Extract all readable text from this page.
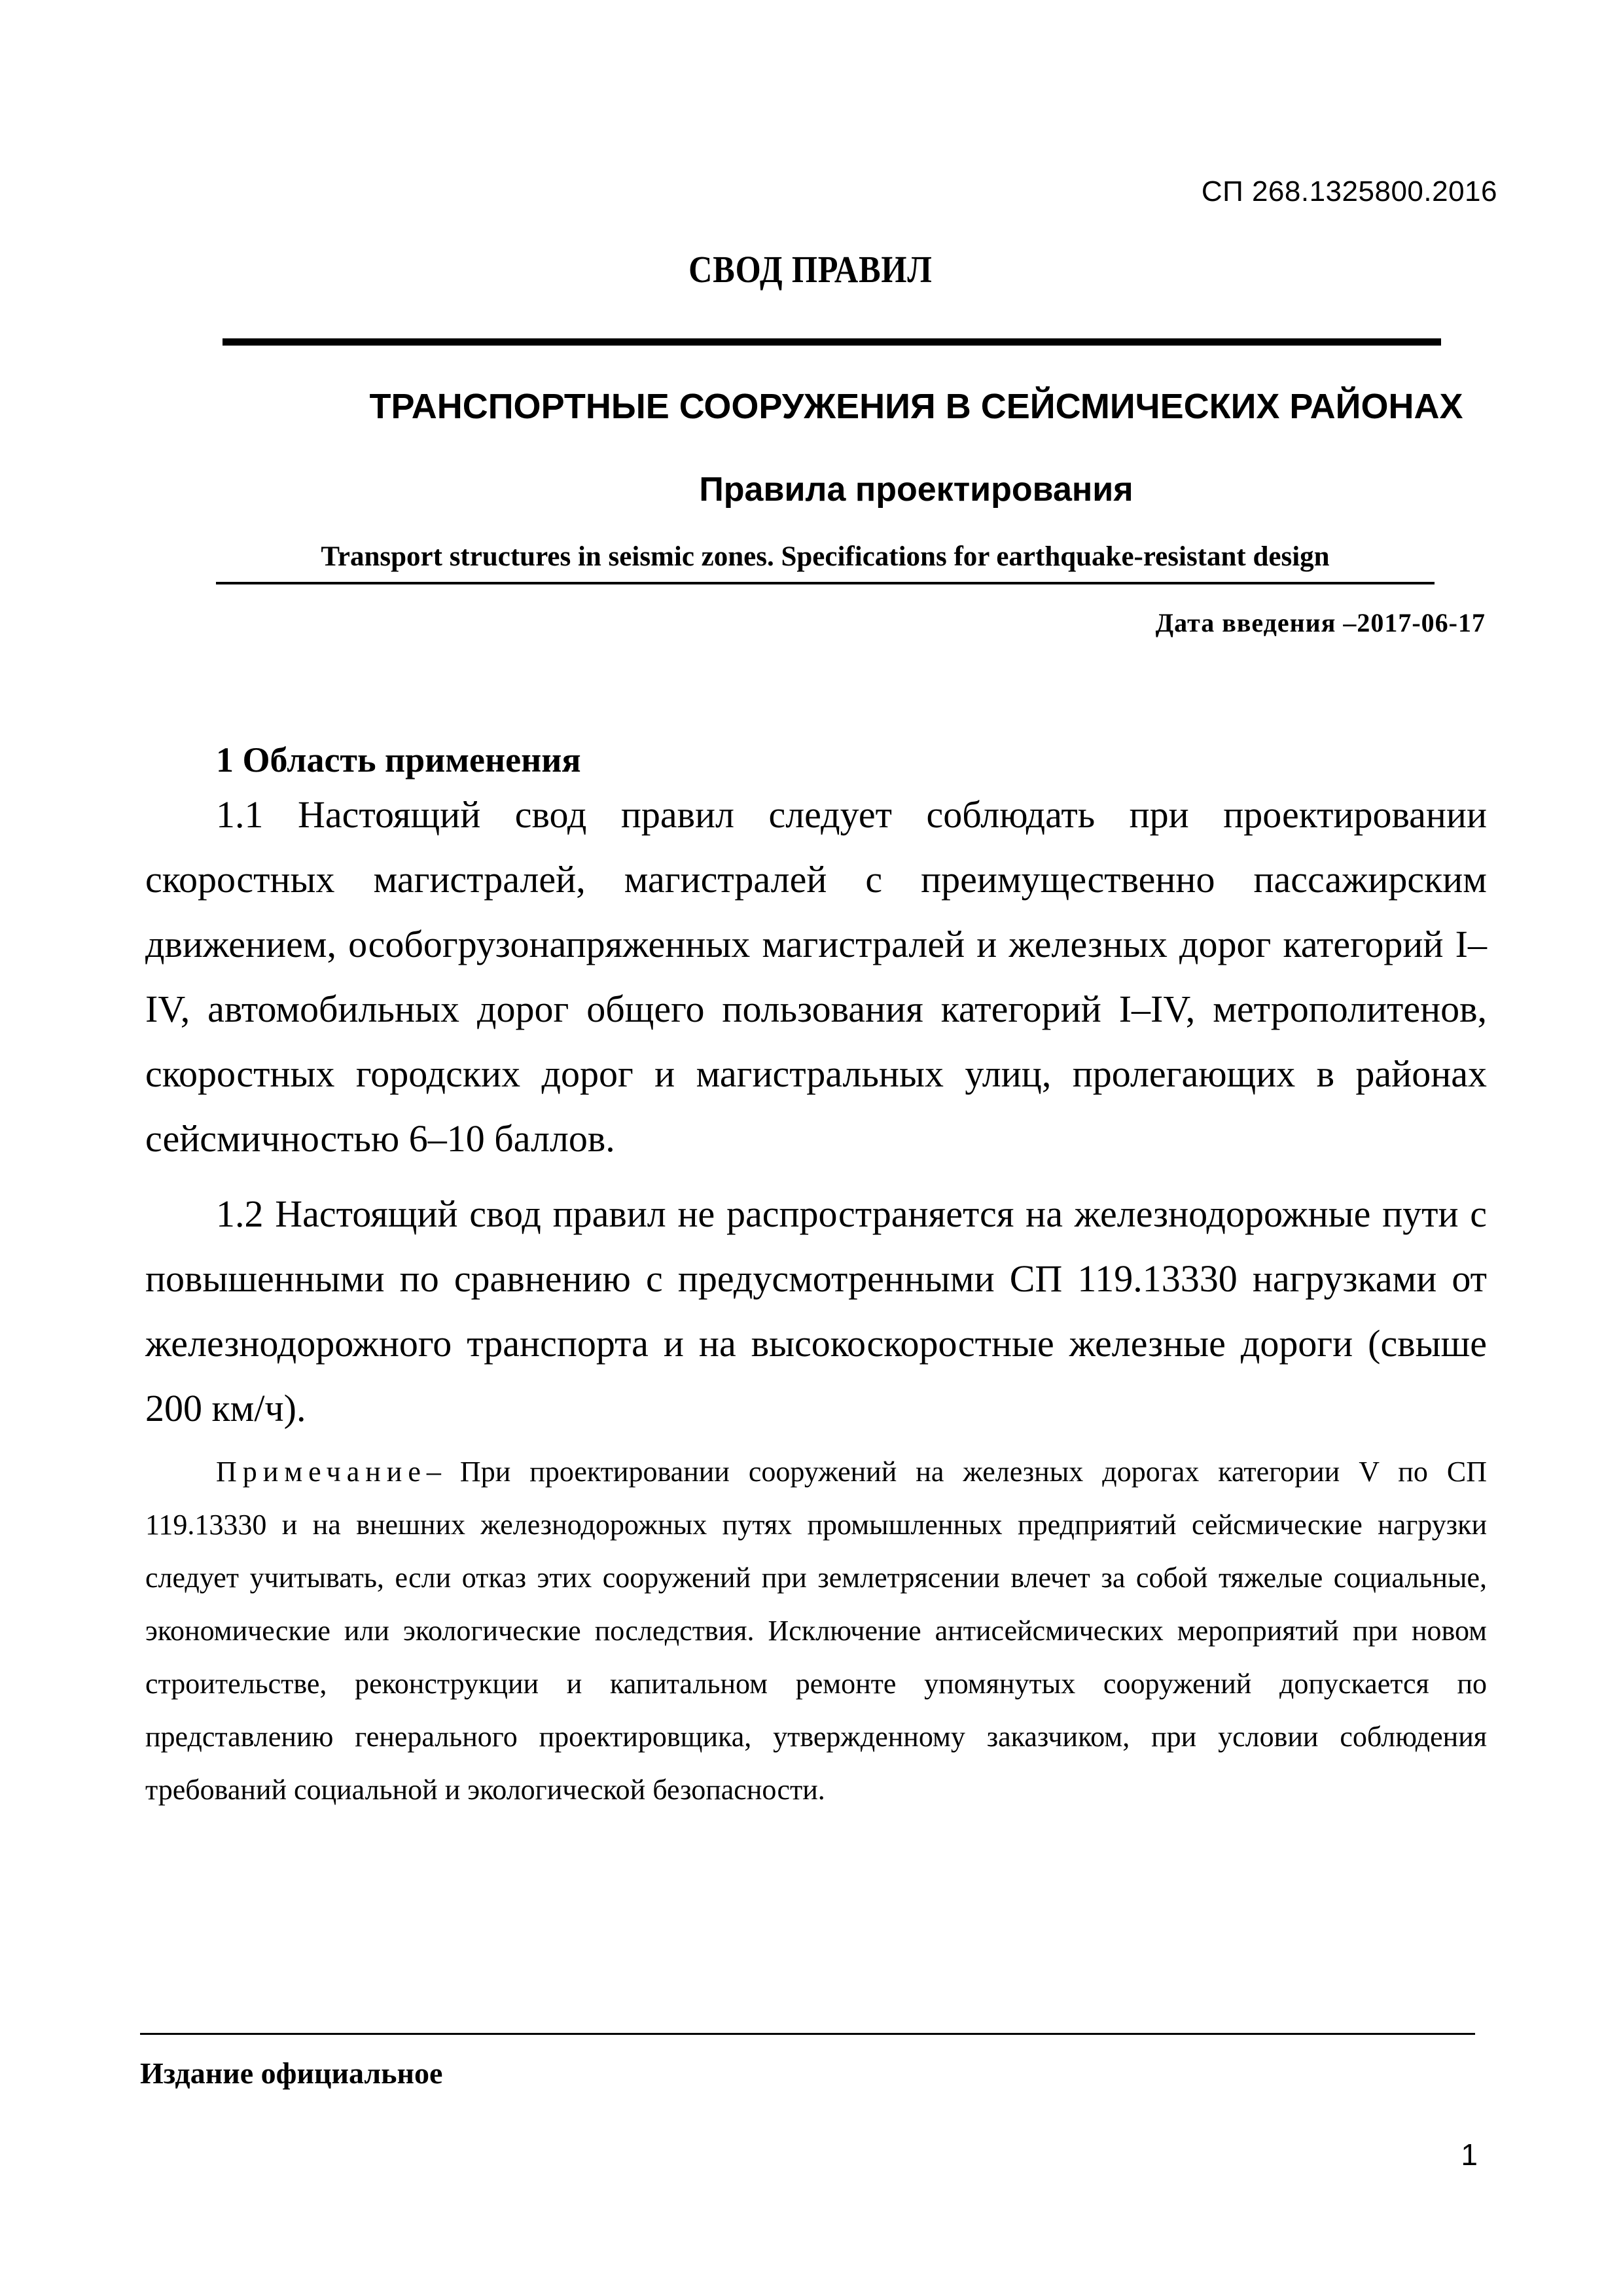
СП 268.1325800.2016
СВОД ПРАВИЛ
ТРАНСПОРТНЫЕ СООРУЖЕНИЯ В СЕЙСМИЧЕСКИХ РАЙОНАХ
Правила проектирования
Transport structures in seismic zones. Specifications for earthquake-resistant design
Дата введения –2017-06-17
1 Область применения

1.1 Настоящий свод правил следует соблюдать при проектировании скоростных магистралей, магистралей с преимущественно пассажирским движением, особогрузонапряженных магистралей и железных дорог категорий I–IV, автомобильных дорог общего пользования категорий I–IV, метрополитенов, скоростных городских дорог и магистральных улиц, пролегающих в районах сейсмичностью 6–10 баллов.

1.2 Настоящий свод правил не распространяется на железнодорожные пути с повышенными по сравнению с предусмотренными СП 119.13330 нагрузками от железнодорожного транспорта и на высокоскоростные железные дороги (свыше 200 км/ч).

Примечание– При проектировании сооружений на железных дорогах категории V по СП 119.13330 и на внешних железнодорожных путях промышленных предприятий сейсмические нагрузки следует учитывать, если отказ этих сооружений при землетрясении влечет за собой тяжелые социальные, экономические или экологические последствия. Исключение антисейсмических мероприятий при новом строительстве, реконструкции и капитальном ремонте упомянутых сооружений допускается по представлению генерального проектировщика, утвержденному заказчиком, при условии соблюдения требований социальной и экологической безопасности.

Издание официальное
1
